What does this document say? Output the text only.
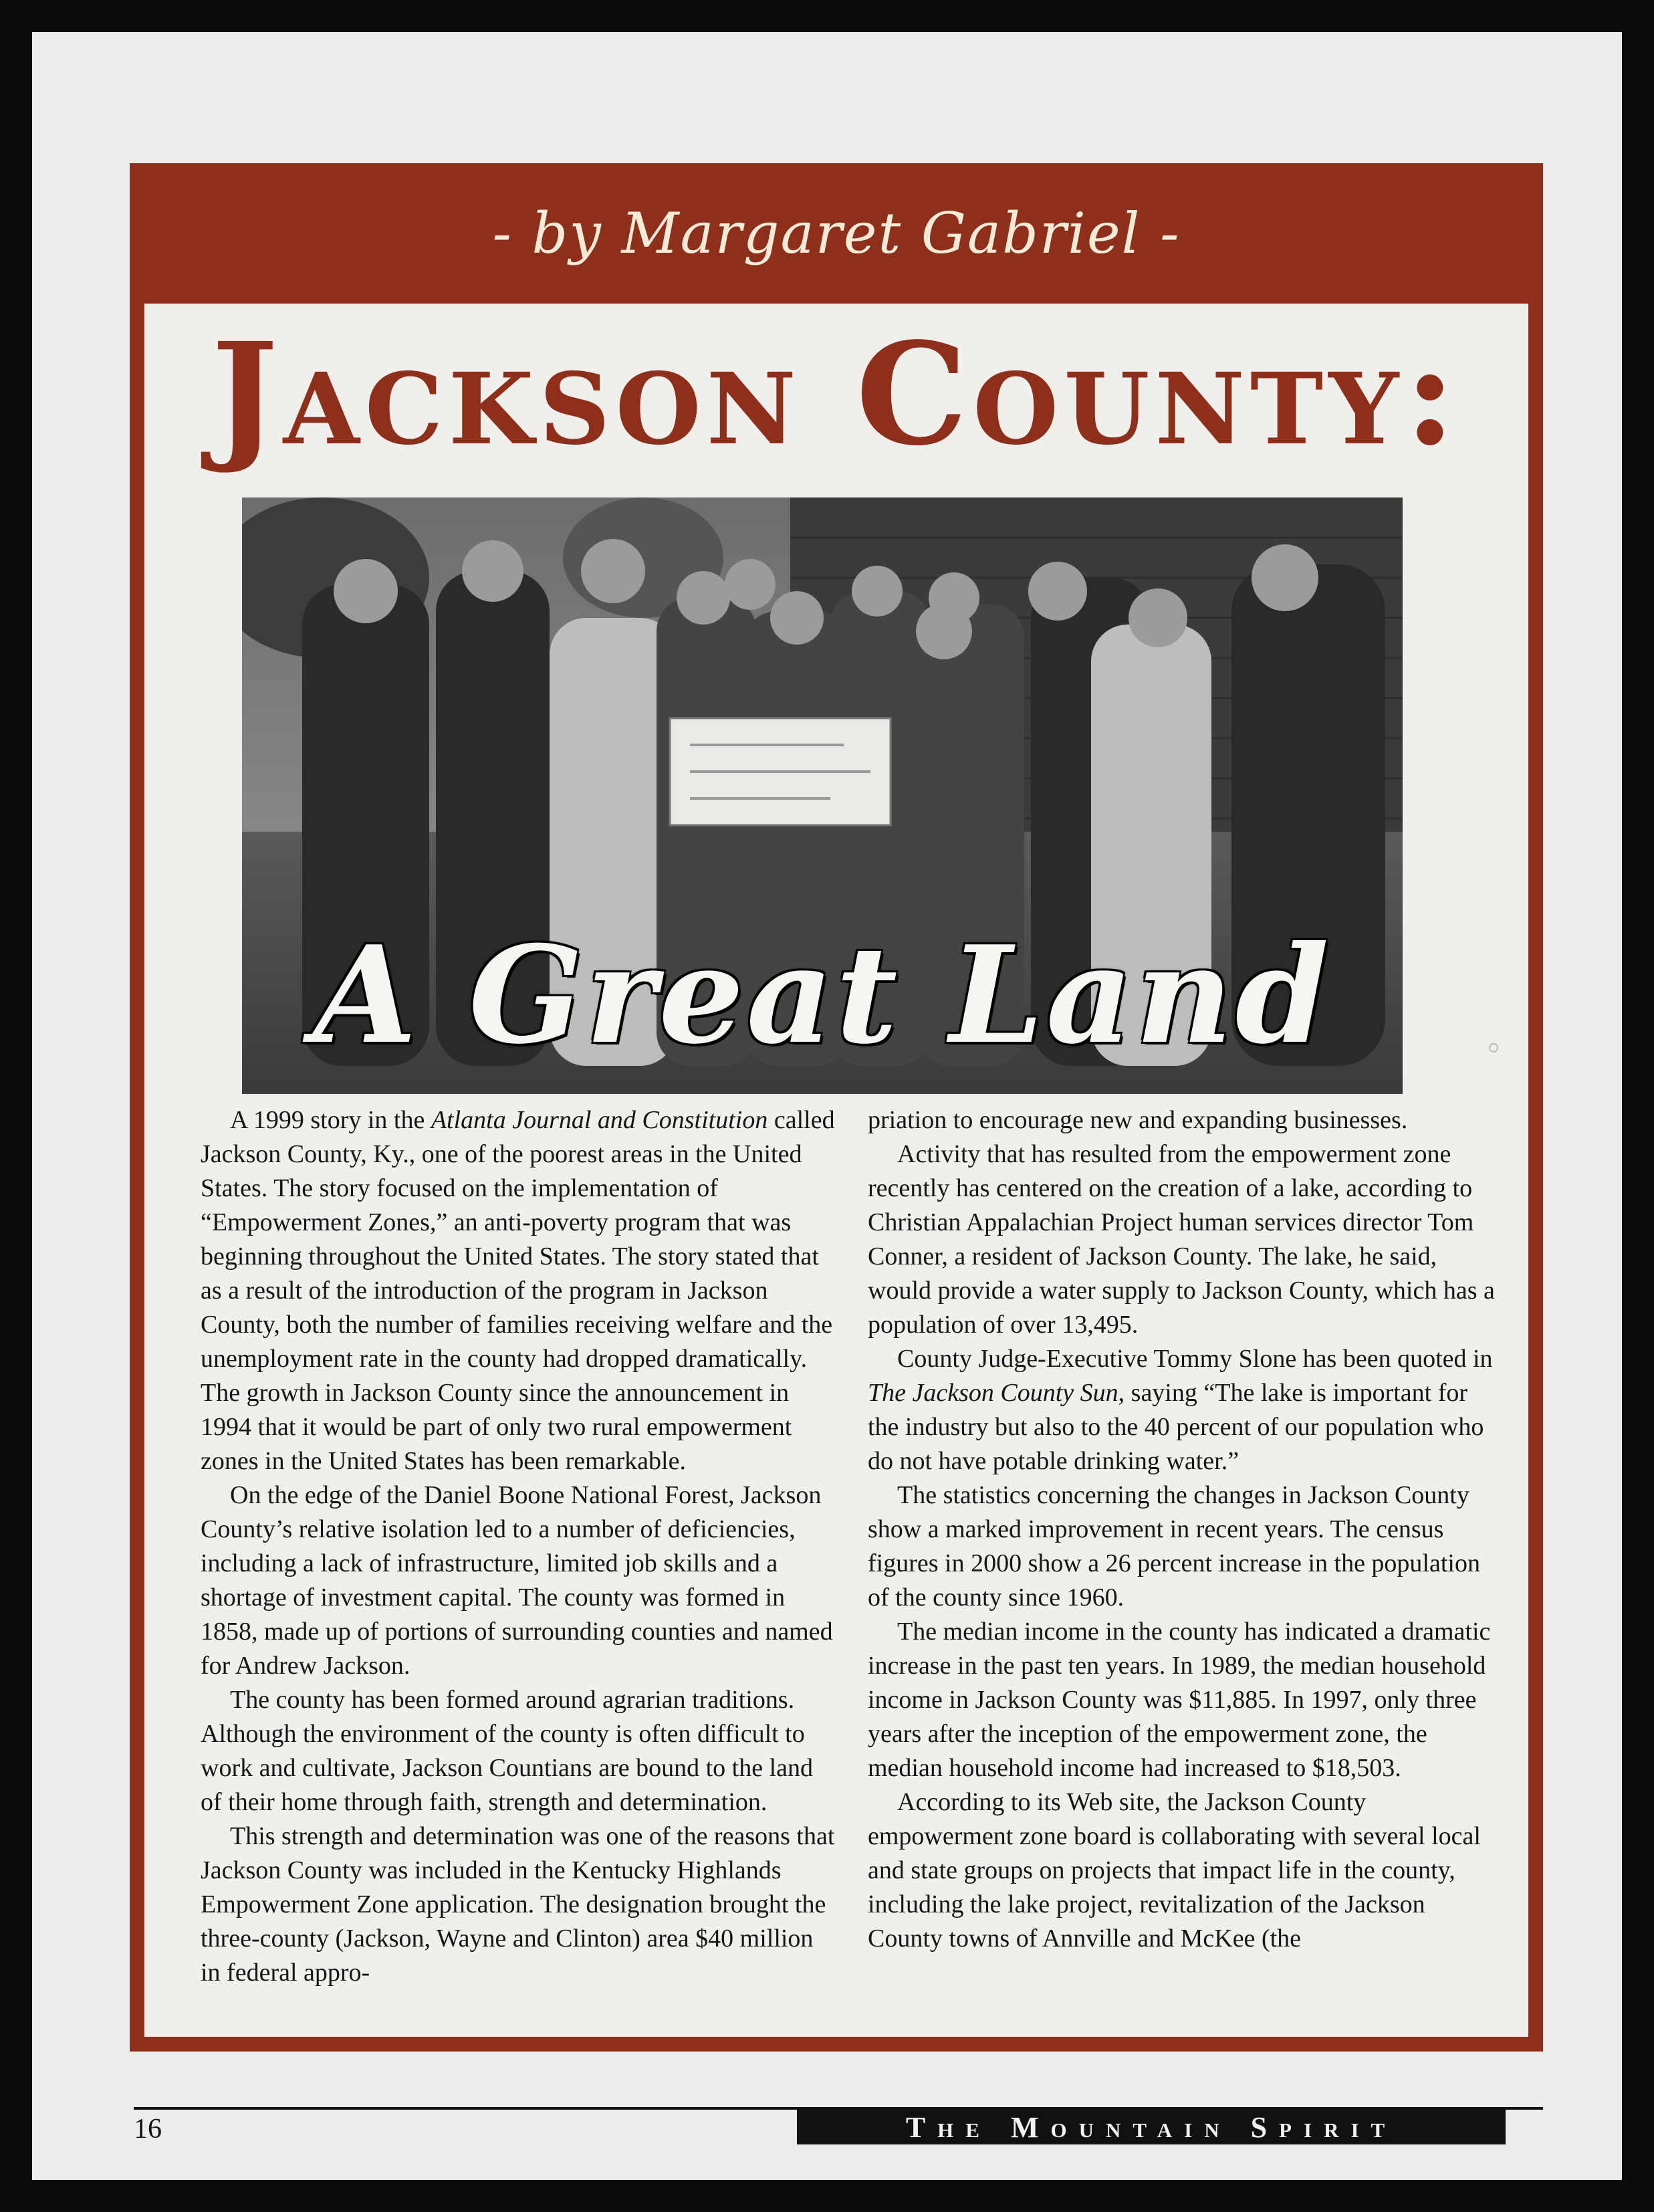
- by Margaret Gabriel -
Jackson County:
A Great Land

A 1999 story in the Atlanta Journal and Constitution called Jackson County, Ky., one of the poorest areas in the United States. The story focused on the implementation of “Empowerment Zones,” an anti-poverty program that was beginning throughout the United States. The story stated that as a result of the introduction of the program in Jackson County, both the number of families receiving welfare and the unemployment rate in the county had dropped dramatically. The growth in Jackson County since the announcement in 1994 that it would be part of only two rural empowerment zones in the United States has been remarkable.

On the edge of the Daniel Boone National Forest, Jackson County’s relative isolation led to a number of deficiencies, including a lack of infrastructure, limited job skills and a shortage of investment capital. The county was formed in 1858, made up of portions of surrounding counties and named for Andrew Jackson.

The county has been formed around agrarian traditions. Although the environment of the county is often difficult to work and cultivate, Jackson Countians are bound to the land of their home through faith, strength and determination.

This strength and determination was one of the reasons that Jackson County was included in the Kentucky Highlands Empowerment Zone application. The designation brought the three-county (Jackson, Wayne and Clinton) area $40 million in federal appro-

priation to encourage new and expanding businesses.

Activity that has resulted from the empowerment zone recently has centered on the creation of a lake, according to Christian Appalachian Project human services director Tom Conner, a resident of Jackson County. The lake, he said, would provide a water supply to Jackson County, which has a population of over 13,495.

County Judge-Executive Tommy Slone has been quoted in The Jackson County Sun, saying “The lake is important for the industry but also to the 40 percent of our population who do not have potable drinking water.”

The statistics concerning the changes in Jackson County show a marked improvement in recent years. The census figures in 2000 show a 26 percent increase in the population of the county since 1960.

The median income in the county has indicated a dramatic increase in the past ten years. In 1989, the median household income in Jackson County was $11,885. In 1997, only three years after the inception of the empowerment zone, the median household income had increased to $18,503.

According to its Web site, the Jackson County empowerment zone board is collaborating with several local and state groups on projects that impact life in the county, including the lake project, revitalization of the Jackson County towns of Annville and McKee (the

16	The Mountain Spirit
